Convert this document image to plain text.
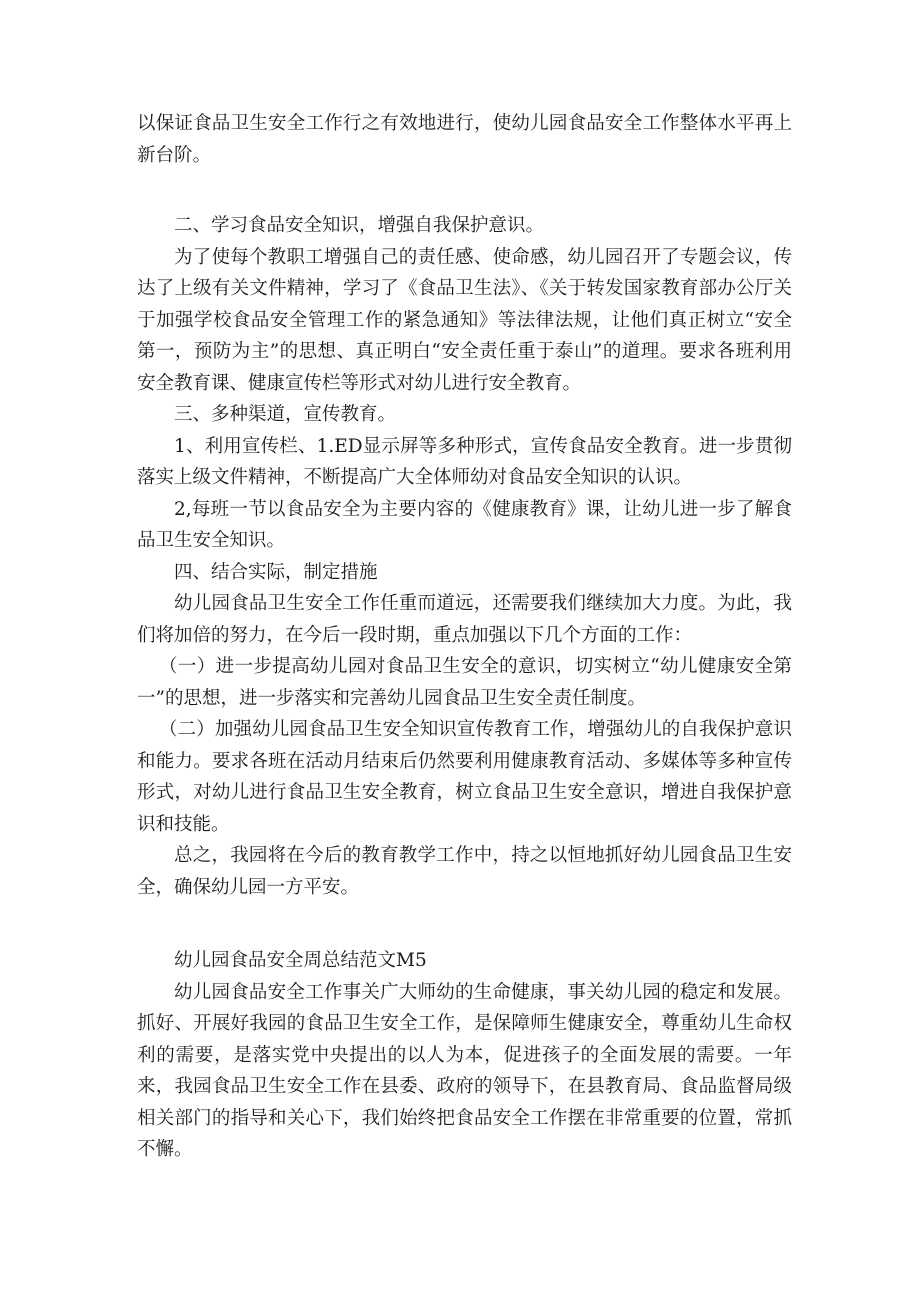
以保证食品卫生安全工作行之有效地进行，使幼儿园食品安全工作整体水平再上新台阶。

二、学习食品安全知识，增强自我保护意识。

为了使每个教职工增强自己的责任感、使命感，幼儿园召开了专题会议，传达了上级有关文件精神，学习了《食品卫生法》、《关于转发国家教育部办公厅关于加强学校食品安全管理工作的紧急通知》等法律法规，让他们真正树立“安全第一，预防为主”的思想、真正明白“安全责任重于泰山”的道理。要求各班利用安全教育课、健康宣传栏等形式对幼儿进行安全教育。

三、多种渠道，宣传教育。

1、利用宣传栏、1.ED显示屏等多种形式，宣传食品安全教育。进一步贯彻落实上级文件精神，不断提高广大全体师幼对食品安全知识的认识。

2,每班一节以食品安全为主要内容的《健康教育》课，让幼儿进一步了解食品卫生安全知识。

四、结合实际，制定措施

幼儿园食品卫生安全工作任重而道远，还需要我们继续加大力度。为此，我们将加倍的努力，在今后一段时期，重点加强以下几个方面的工作：

（一）进一步提高幼儿园对食品卫生安全的意识，切实树立“幼儿健康安全第一”的思想，进一步落实和完善幼儿园食品卫生安全责任制度。

（二）加强幼儿园食品卫生安全知识宣传教育工作，增强幼儿的自我保护意识和能力。要求各班在活动月结束后仍然要利用健康教育活动、多媒体等多种宣传形式，对幼儿进行食品卫生安全教育，树立食品卫生安全意识，增进自我保护意识和技能。

总之，我园将在今后的教育教学工作中，持之以恒地抓好幼儿园食品卫生安全，确保幼儿园一方平安。

幼儿园食品安全周总结范文M5

幼儿园食品安全工作事关广大师幼的生命健康，事关幼儿园的稳定和发展。抓好、开展好我园的食品卫生安全工作，是保障师生健康安全，尊重幼儿生命权利的需要，是落实党中央提出的以人为本，促进孩子的全面发展的需要。一年来，我园食品卫生安全工作在县委、政府的领导下，在县教育局、食品监督局级相关部门的指导和关心下，我们始终把食品安全工作摆在非常重要的位置，常抓不懈。
